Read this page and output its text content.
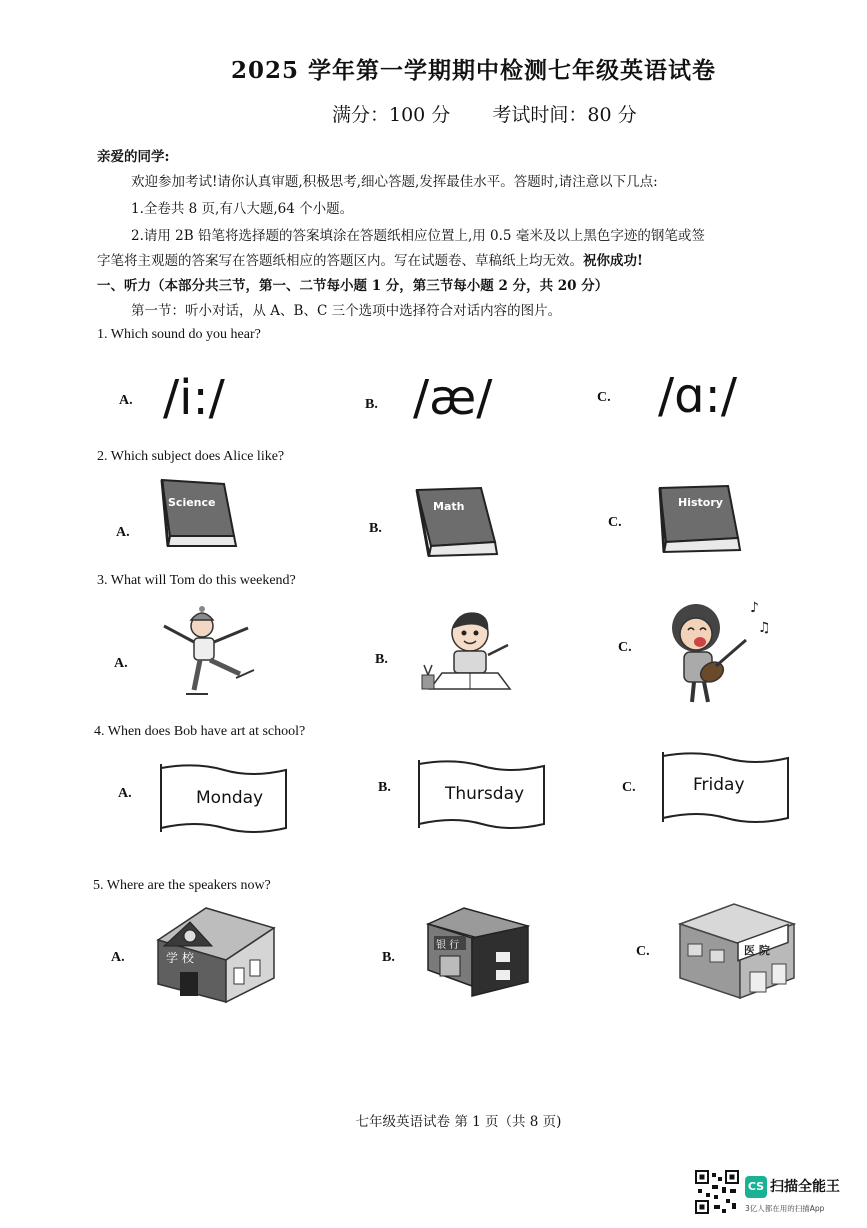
2025 学年第一学期期中检测七年级英语试卷
满分：100 分 考试时间：80 分
亲爱的同学:
欢迎参加考试!请你认真审题,积极思考,细心答题,发挥最佳水平。答题时,请注意以下几点:
1.全卷共 8 页,有八大题,64 个小题。
2.请用 2B 铅笔将选择题的答案填涂在答题纸相应位置上,用 0.5 毫米及以上黑色字迹的钢笔或签
字笔将主观题的答案写在答题纸相应的答题区内。写在试题卷、草稿纸上均无效。祝你成功!
一、听力（本部分共三节，第一、二节每小题 1 分，第三节每小题 2 分，共 20 分）
第一节：听小对话，从 A、B、C 三个选项中选择符合对话内容的图片。
1. Which sound do you hear?
A. /i:/	B. /æ/	C. /ɑ:/
2. Which subject does Alice like?
A.
Science
B.
Math
C.
History
3. What will Tom do this weekend?
A.	B.
C.
♪
♫
4. When does Bob have art at school?
A.	Monday
B.	Thursday	C.	Friday
5. Where are the speakers now?
A.	学 校	B.
银 行	C.	医 院
七年级英语试卷 第 1 页（共 8 页)
CS 扫描全能王
3亿人都在用的扫描App
